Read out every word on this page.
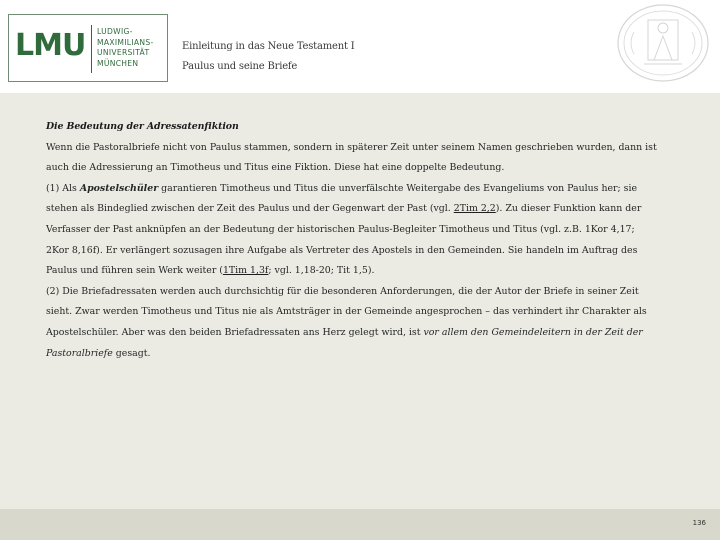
LMU LUDWIG-
MAXIMILIANS-
UNIVERSITÄT
MÜNCHEN
Einleitung in das Neue Testament I
Paulus und seine Briefe
Die Bedeutung der Adressatenfiktion
Wenn die Pastoralbriefe nicht von Paulus stammen, sondern in späterer Zeit unter seinem Namen geschrieben wurden, dann ist auch die Adressierung an Timotheus und Titus eine Fiktion. Diese hat eine doppelte Bedeutung.
(1) Als Apostelschüler garantieren Timotheus und Titus die unverfälschte Weitergabe des Evangeliums von Paulus her; sie stehen als Bindeglied zwischen der Zeit des Paulus und der Gegenwart der Past (vgl. 2Tim 2,2). Zu dieser Funktion kann der Verfasser der Past anknüpfen an der Bedeutung der historischen Paulus-Begleiter Timotheus und Titus (vgl. z.B. 1Kor 4,17; 2Kor 8,16f). Er verlängert sozusagen ihre Aufgabe als Vertreter des Apostels in den Gemeinden. Sie handeln im Auftrag des Paulus und führen sein Werk weiter (1Tim 1,3f; vgl. 1,18-20; Tit 1,5).
(2) Die Briefadressaten werden auch durchsichtig für die besonderen Anforderungen, die der Autor der Briefe in seiner Zeit sieht. Zwar werden Timotheus und Titus nie als Amtsträger in der Gemeinde angesprochen – das verhindert ihr Charakter als Apostelschüler. Aber was den beiden Briefadressaten ans Herz gelegt wird, ist vor allem den Gemeindeleitern in der Zeit der Pastoralbriefe gesagt.
136
